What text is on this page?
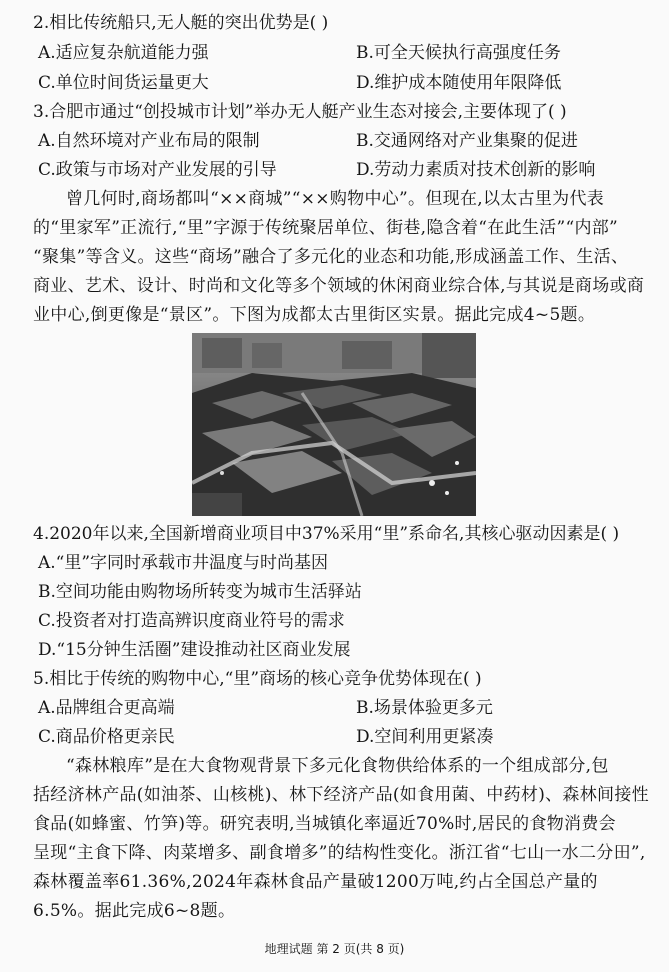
2.相比传统船只,无人艇的突出优势是( )
A.适应复杂航道能力强	B.可全天候执行高强度任务
C.单位时间货运量更大	D.维护成本随使用年限降低
3.合肥市通过“创投城市计划”举办无人艇产业生态对接会,主要体现了( )
A.自然环境对产业布局的限制	B.交通网络对产业集聚的促进
C.政策与市场对产业发展的引导	D.劳动力素质对技术创新的影响
曾几何时,商场都叫“××商城”“××购物中心”。但现在,以太古里为代表
的“里家军”正流行,“里”字源于传统聚居单位、街巷,隐含着“在此生活”“内部”
“聚集”等含义。这些“商场”融合了多元化的业态和功能,形成涵盖工作、生活、
商业、艺术、设计、时尚和文化等多个领域的休闲商业综合体,与其说是商场或商
业中心,倒更像是“景区”。下图为成都太古里街区实景。据此完成4~5题。
4.2020年以来,全国新增商业项目中37%采用“里”系命名,其核心驱动因素是( )
A.“里”字同时承载市井温度与时尚基因
B.空间功能由购物场所转变为城市生活驿站
C.投资者对打造高辨识度商业符号的需求
D.“15分钟生活圈”建设推动社区商业发展
5.相比于传统的购物中心,“里”商场的核心竞争优势体现在( )
A.品牌组合更高端	B.场景体验更多元
C.商品价格更亲民	D.空间利用更紧凑
“森林粮库”是在大食物观背景下多元化食物供给体系的一个组成部分,包
括经济林产品(如油茶、山核桃)、林下经济产品(如食用菌、中药材)、森林间接性
食品(如蜂蜜、竹笋)等。研究表明,当城镇化率逼近70%时,居民的食物消费会
呈现“主食下降、肉菜增多、副食增多”的结构性变化。浙江省“七山一水二分田”,
森林覆盖率61.36%,2024年森林食品产量破1200万吨,约占全国总产量的
6.5%。据此完成6~8题。
地理试题 第 2 页(共 8 页)
